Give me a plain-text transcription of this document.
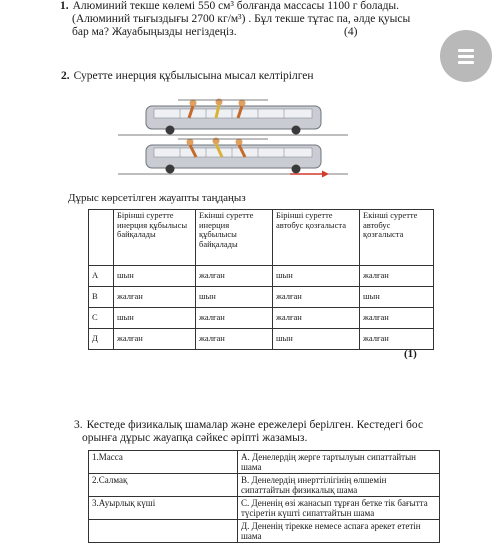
1. Алюминий текше көлемі 550 см³ болғанда массасы 1100 г болады.
(Алюминий тығыздығы 2700 кг/м³) . Бұл текше тұтас па, әлде қуысы
бар ма? Жауабыңызды негіздеңіз.	(4)
2. Суретте инерция құбылысына мысал келтірілген
Дұрыс көрсетілген жауапты таңдаңыз
	Бірінші суретте инерция құбылысы байқалады	Екінші суретте инерция құбылысы байқалады	Бірінші суретте автобус қозғалыста	Екінші суретте автобус қозғалыста
А	шын	жалған	шын	жалған
В	жалған	шын	жалған	шын
С	шын	жалған	жалған	жалған
Д	жалған	жалған	шын	жалған
(1)
3. Кестеде физикалық шамалар және ережелері берілген. Кестедегі бос
орынға дұрыс жауапқа сәйкес әріпті жазамыз.
1.Масса	А. Денелердің жерге тартылуын сипаттайтын шама
2.Салмақ	В. Денелердің инерттілігінің өлшемін сипаттайтын физикалық шама
3.Ауырлық күші	С. Дененің өзі жанасып тұрған бетке тік бағытта түсіретін күшті сипаттайтын шама
	Д. Дененің тірекке немесе аспаға әрекет ететін шама
